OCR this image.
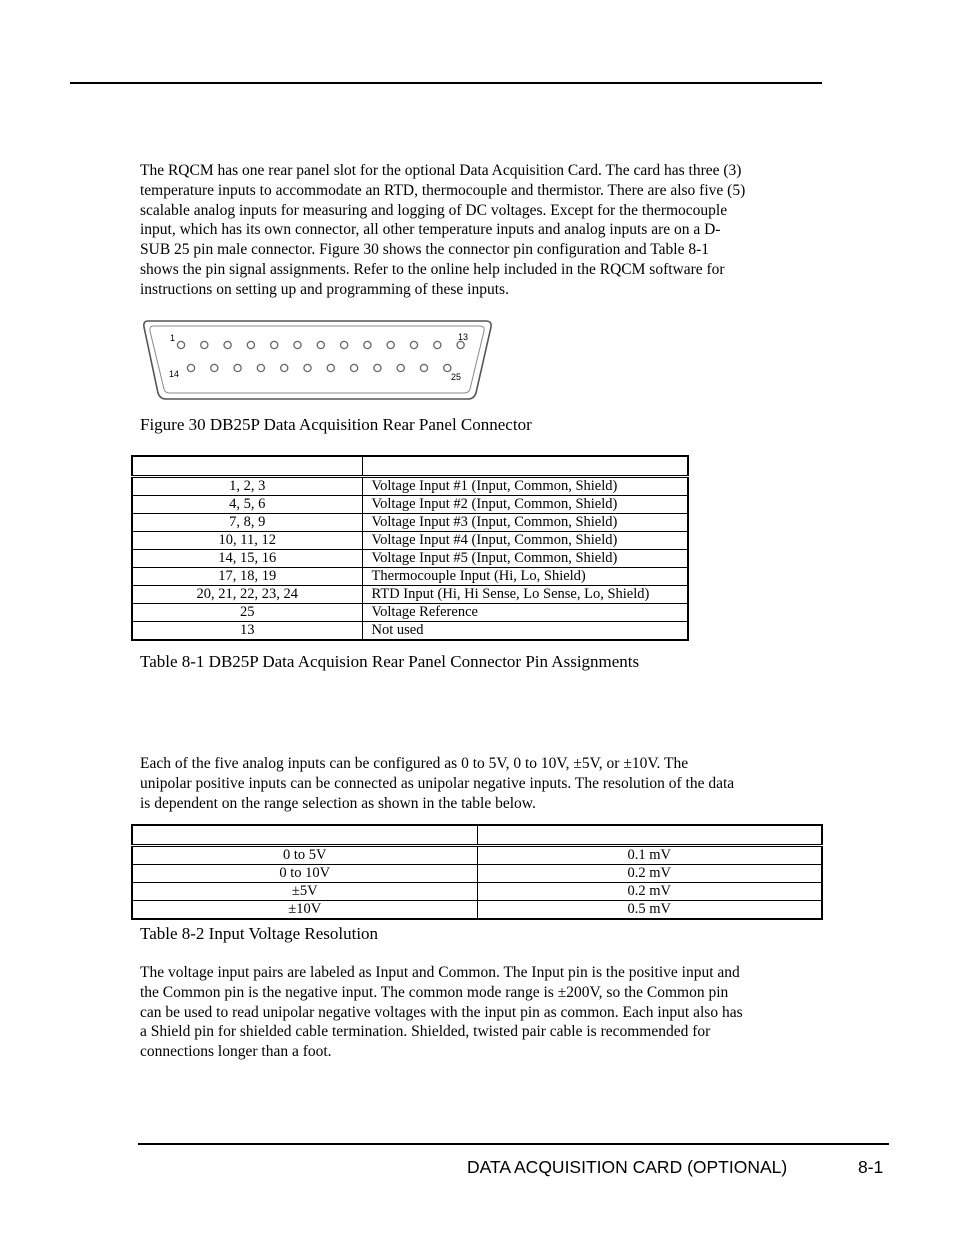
The RQCM has one rear panel slot for the optional Data Acquisition Card. The card has three (3)
temperature inputs to accommodate an RTD, thermocouple and thermistor. There are also five (5)
scalable analog inputs for measuring and logging of DC voltages. Except for the thermocouple
input, which has its own connector, all other temperature inputs and analog inputs are on a D-
SUB 25 pin male connector. Figure 30 shows the connector pin configuration and Table 8-1
shows the pin signal assignments. Refer to the online help included in the RQCM software for
instructions on setting up and programming of these inputs.

1	13
14	25
Figure 30 DB25P Data Acquisition Rear Panel Connector

1, 2, 3	Voltage Input #1 (Input, Common, Shield)
4, 5, 6	Voltage Input #2 (Input, Common, Shield)
7, 8, 9	Voltage Input #3 (Input, Common, Shield)
10, 11, 12	Voltage Input #4 (Input, Common, Shield)
14, 15, 16	Voltage Input #5 (Input, Common, Shield)
17, 18, 19	Thermocouple Input (Hi, Lo, Shield)
20, 21, 22, 23, 24	RTD Input (Hi, Hi Sense, Lo Sense, Lo, Shield)
25	Voltage Reference
13	Not used
Table 8-1 DB25P Data Acquision Rear Panel Connector Pin Assignments

Each of the five analog inputs can be configured as 0 to 5V, 0 to 10V, ±5V, or ±10V. The
unipolar positive inputs can be connected as unipolar negative inputs. The resolution of the data
is dependent on the range selection as shown in the table below.

0 to 5V	0.1 mV
0 to 10V	0.2 mV
±5V	0.2 mV
±10V	0.5 mV
Table 8-2 Input Voltage Resolution

The voltage input pairs are labeled as Input and Common. The Input pin is the positive input and
the Common pin is the negative input. The common mode range is ±200V, so the Common pin
can be used to read unipolar negative voltages with the input pin as common. Each input also has
a Shield pin for shielded cable termination. Shielded, twisted pair cable is recommended for
connections longer than a foot.

DATA ACQUISITION CARD (OPTIONAL)	8-1
